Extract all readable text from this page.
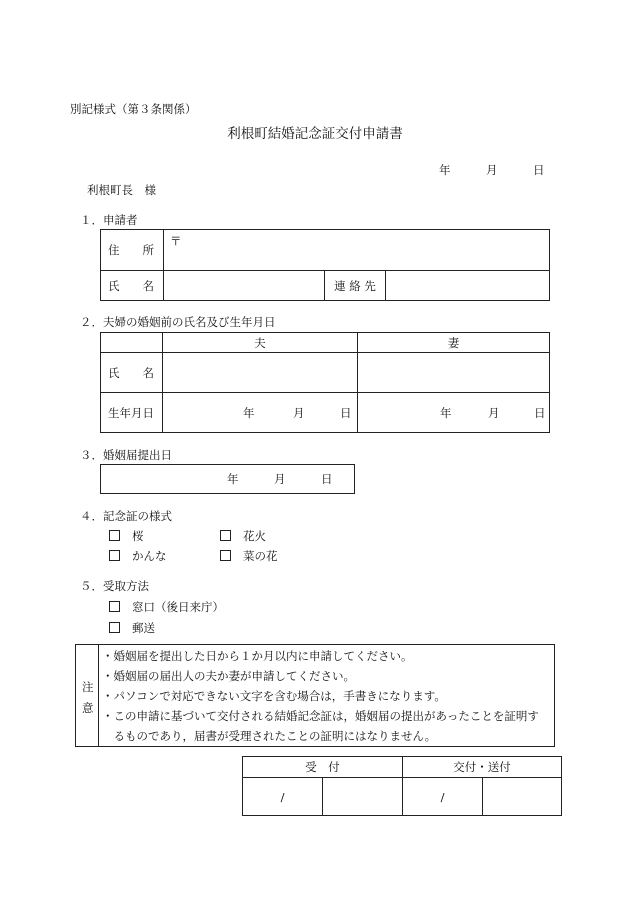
別記様式（第３条関係）
利根町結婚記念証交付申請書
年	月	日
利根町長　様
１．申請者
住　　所	〒		
氏　　名		連 絡 先	
２．夫婦の婚姻前の氏名及び生年月日
	夫	妻
氏　　名		
生年月日	年 月 日	年 月 日
３．婚姻届提出日
年	月	日
４．記念証の様式
桜	花火
かんな	菜の花
５．受取方法
窓口（後日来庁）
郵送
注
意
・婚姻届を提出した日から１か月以内に申請してください。
・婚姻届の届出人の夫か妻が申請してください。
・パソコンで対応できない文字を含む場合は，手書きになります。
・この申請に基づいて交付される結婚記念証は，婚姻届の提出があったことを証明す
　るものであり，届書が受理されたことの証明にはなりません。
受　付		交付・送付	
/		/	
